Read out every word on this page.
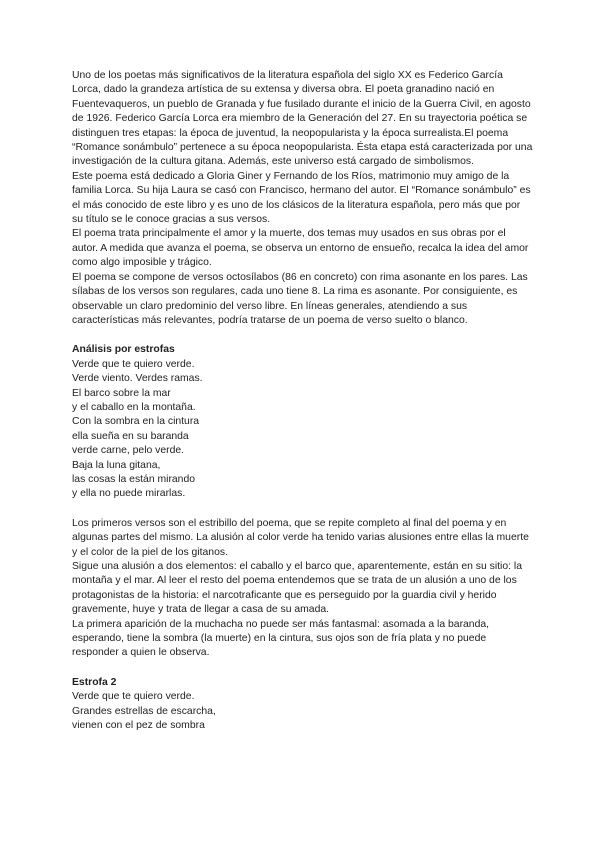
Uno de los poetas más significativos de la literatura española del siglo XX es Federico García Lorca, dado la grandeza artística de su extensa y diversa obra. El poeta granadino nació en Fuentevaqueros, un pueblo de Granada y fue fusilado durante el inicio de la Guerra Civil, en agosto de 1926. Federico García Lorca era miembro de la Generación del 27. En su trayectoria poética se distinguen tres etapas: la época de juventud, la neopopularista y la época surrealista.El poema “Romance sonámbulo” pertenece a su época neopopularista. Ésta etapa está caracterizada por una investigación de la cultura gitana. Además, este universo está cargado de simbolismos.

Este poema está dedicado a Gloria Giner y Fernando de los Ríos, matrimonio muy amigo de la familia Lorca. Su hija Laura se casó con Francisco, hermano del autor. El “Romance sonámbulo” es el más conocido de este libro y es uno de los clásicos de la literatura española, pero más que por su título se le conoce gracias a sus versos.

El poema trata principalmente el amor y la muerte, dos temas muy usados en sus obras por el autor. A medida que avanza el poema, se observa un entorno de ensueño, recalca la idea del amor como algo imposible y trágico.

El poema se compone de versos octosílabos (86 en concreto) con rima asonante en los pares. Las sílabas de los versos son regulares, cada uno tiene 8. La rima es asonante. Por consiguiente, es observable un claro predominio del verso libre. En líneas generales, atendiendo a sus características más relevantes, podría tratarse de un poema de verso suelto o blanco.

Análisis por estrofas

Verde que te quiero verde.

Verde viento. Verdes ramas.

El barco sobre la mar

y el caballo en la montaña.

Con la sombra en la cintura

ella sueña en su baranda

verde carne, pelo verde.

Baja la luna gitana,

las cosas la están mirando

y ella no puede mirarlas.

Los primeros versos son el estribillo del poema, que se repite completo al final del poema y en algunas partes del mismo. La alusión al color verde ha tenido varias alusiones entre ellas la muerte y el color de la piel de los gitanos.

Sigue una alusión a dos elementos: el caballo y el barco que, aparentemente, están en su sitio: la montaña y el mar. Al leer el resto del poema entendemos que se trata de un alusión a uno de los protagonistas de la historia: el narcotraficante que es perseguido por la guardia civil y herido gravemente, huye y trata de llegar a casa de su amada.

La primera aparición de la muchacha no puede ser más fantasmal: asomada a la baranda, esperando, tiene la sombra (la muerte) en la cintura, sus ojos son de fría plata y no puede responder a quien le observa.

Estrofa 2

Verde que te quiero verde.

Grandes estrellas de escarcha,

vienen con el pez de sombra
